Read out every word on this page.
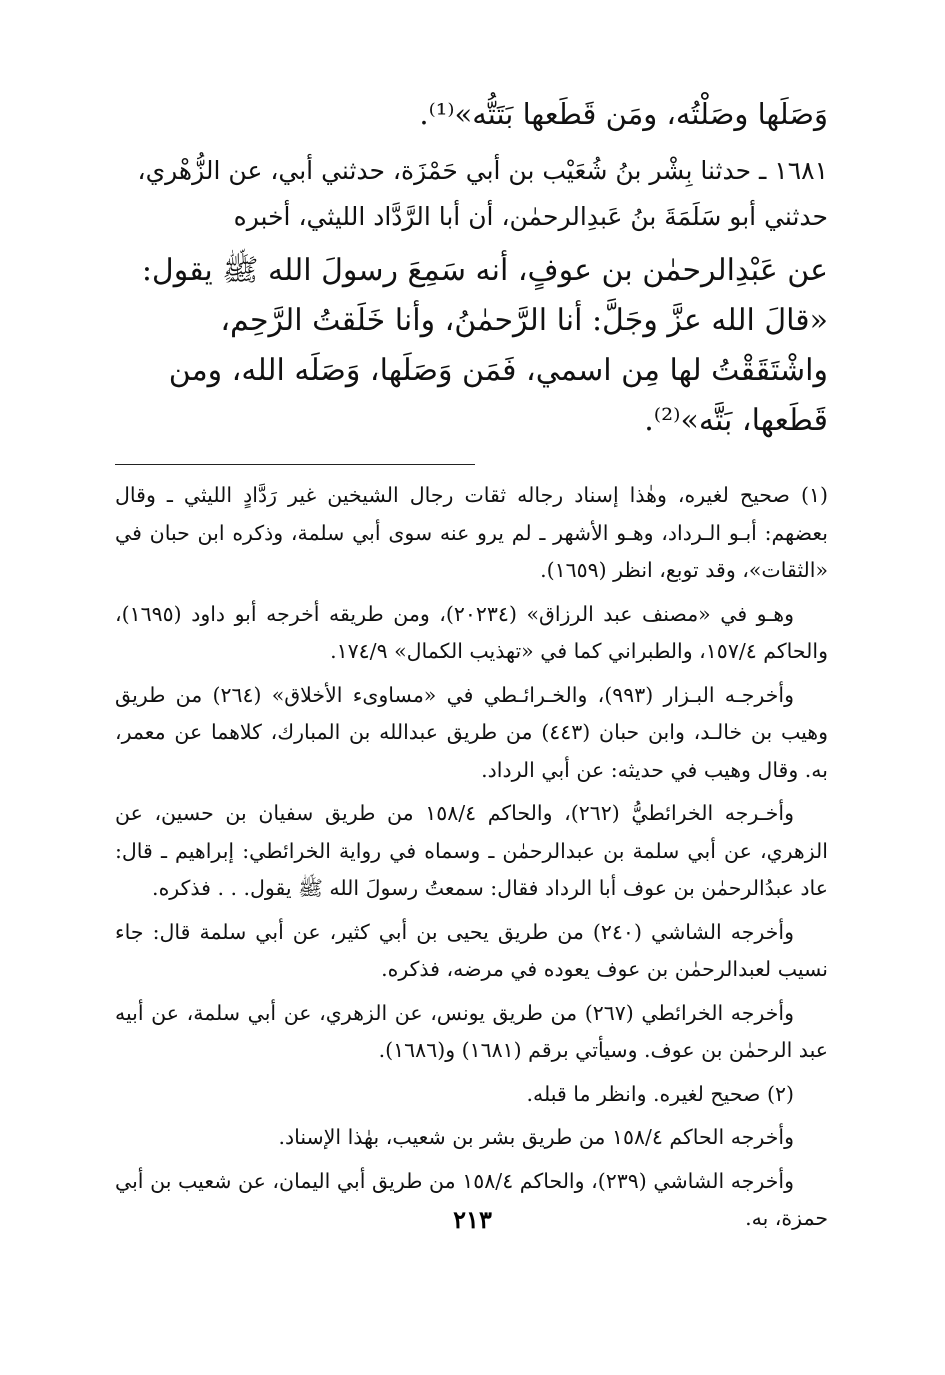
وَصَلَها وصَلْتُه، ومَن قَطَعها بَتَتُّه»⁽¹⁾.

١٦٨١ ـ حدثنا بِشْر بنُ شُعَيْب بن أبي حَمْزَة، حدثني أبي، عن الزُّهْري، حدثني أبو سَلَمَةَ بنُ عَبدِالرحمٰن، أن أبا الرَّدَّاد الليثي، أخبره

عن عَبْدِالرحمٰن بن عوفٍ، أنه سَمِعَ رسولَ الله ﷺ يقول: «قالَ الله عزَّ وجَلَّ: أنا الرَّحمٰنُ، وأنا خَلَقتُ الرَّحِم، واشْتَقَقْتُ لها مِن اسمي، فَمَن وَصَلَها، وَصَلَه الله، ومن قَطَعها، بَتَّه»⁽²⁾.

(١) صحيح لغيره، وهٰذا إسناد رجاله ثقات رجال الشيخين غير رَدَّادٍ الليثي ـ وقال بعضهم: أبـو الـرداد، وهـو الأشهر ـ لم يرو عنه سوى أبي سلمة، وذكره ابن حبان في «الثقات»، وقد توبع، انظر (١٦٥٩).

وهـو في «مصنف عبد الرزاق» (٢٠٢٣٤)، ومن طريقه أخرجه أبو داود (١٦٩٥)، والحاكم ١٥٧/٤، والطبراني كما في «تهذيب الكمال» ١٧٤/٩.

وأخرجـه البـزار (٩٩٣)، والخـرائـطي في «مساوىء الأخلاق» (٢٦٤) من طريق وهيب بن خالـد، وابن حبان (٤٤٣) من طريق عبدالله بن المبارك، كلاهما عن معمر، به. وقال وهيب في حديثه: عن أبي الرداد.

وأخـرجه الخرائطيُّ (٢٦٢)، والحاكم ١٥٨/٤ من طريق سفيان بن حسين، عن الزهري، عن أبي سلمة بن عبدالرحمٰن ـ وسماه في رواية الخرائطي: إبراهيم ـ قال: عاد عبدُالرحمٰن بن عوف أبا الرداد فقال: سمعتُ رسولَ الله ﷺ يقول. . . فذكره.

وأخرجه الشاشي (٢٤٠) من طريق يحيى بن أبي كثير، عن أبي سلمة قال: جاء نسيب لعبدالرحمٰن بن عوف يعوده في مرضه، فذكره.

وأخرجه الخرائطي (٢٦٧) من طريق يونس، عن الزهري، عن أبي سلمة، عن أبيه عبد الرحمٰن بن عوف. وسيأتي برقم (١٦٨١) و(١٦٨٦).

(٢) صحيح لغيره. وانظر ما قبله.

وأخرجه الحاكم ١٥٨/٤ من طريق بشر بن شعيب، بهٰذا الإسناد.

وأخرجه الشاشي (٢٣٩)، والحاكم ١٥٨/٤ من طريق أبي اليمان، عن شعيب بن أبي حمزة، به.

٢١٣
